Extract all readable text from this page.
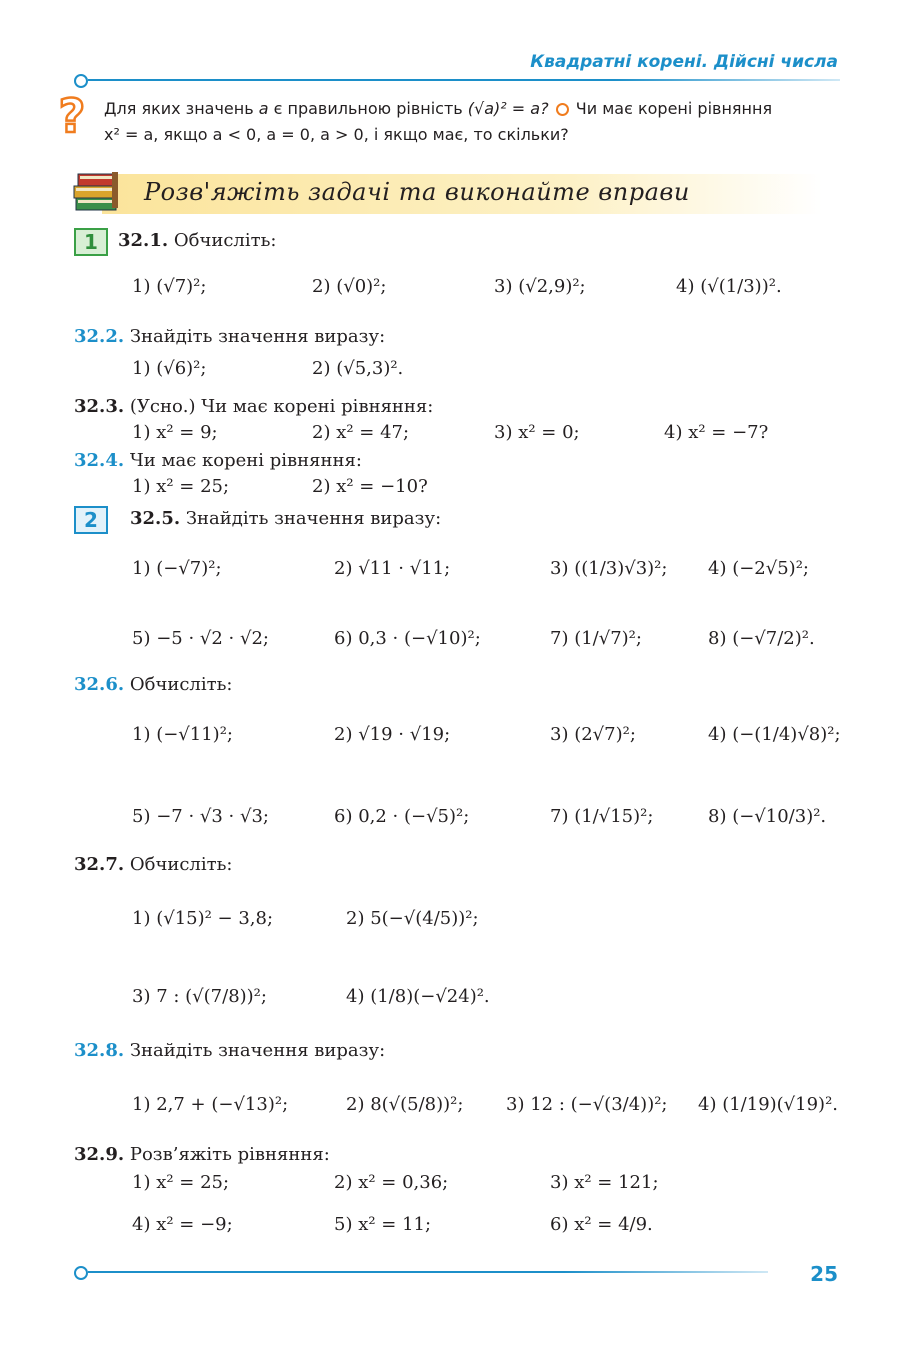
Квадратні корені. Дійсні числа
? Для яких значень a є правильною рівність (√a)² = a? Чи має корені рівняння
x² = a, якщо a < 0, a = 0, a > 0, і якщо має, то скільки?
Розв'яжіть задачі та виконайте вправи
1	32.1. Обчисліть:
1) (√7)²;	2) (√0)²;	3) (√2,9)²;	4) (√(1/3))².
32.2. Знайдіть значення виразу:
1) (√6)²;	2) (√5,3)².
32.3. (Усно.) Чи має корені рівняння:
1) x² = 9;	2) x² = 47;	3) x² = 0;	4) x² = −7?
32.4. Чи має корені рівняння:
1) x² = 25;	2) x² = −10?
2	32.5. Знайдіть значення виразу:
1) (−√7)²;	2) √11 · √11;	3) ((1/3)√3)²; 4) (−2√5)²;
5) −5 · √2 · √2;	6) 0,3 · (−√10)²;	7) (1/√7)²;	8) (−√7/2)².
32.6. Обчисліть:
1) (−√11)²;	2) √19 · √19;	3) (2√7)²;	4) (−(1/4)√8)²;
5) −7 · √3 · √3;	6) 0,2 · (−√5)²;	7) (1/√15)²;	8) (−√10/3)².
32.7. Обчисліть:
1) (√15)² − 3,8;	2) 5(−√(4/5))²;
3) 7 : (√(7/8))²;	4) (1/8)(−√24)².
32.8. Знайдіть значення виразу:
1) 2,7 + (−√13)²;	2) 8(√(5/8))²; 3) 12 : (−√(3/4))²; 4) (1/19)(√19)².
32.9. Розв’яжіть рівняння:
1) x² = 25;	2) x² = 0,36;	3) x² = 121;
4) x² = −9;	5) x² = 11;	6) x² = 4/9.
25
